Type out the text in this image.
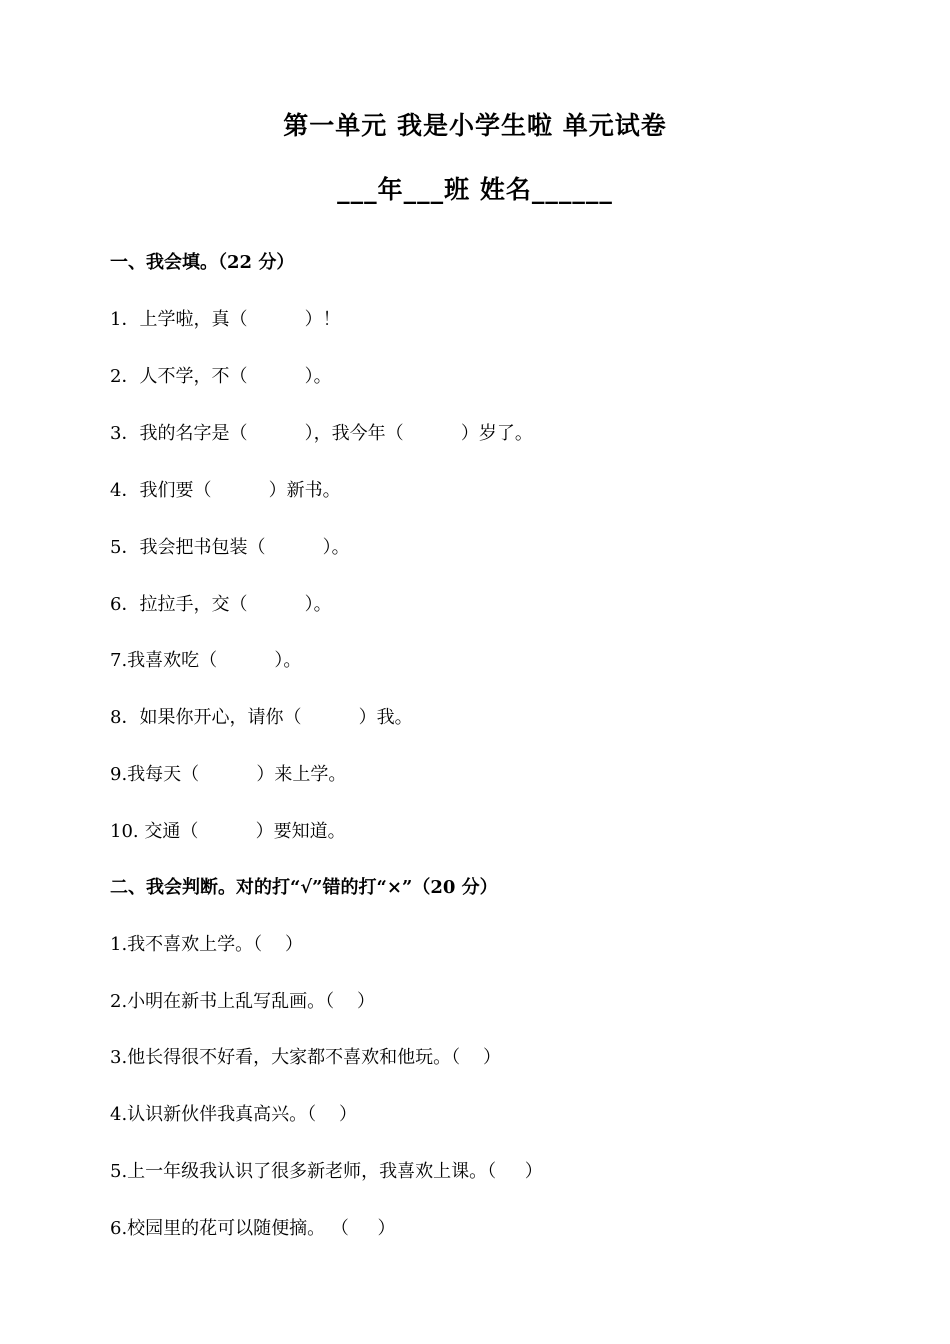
第一单元 我是小学生啦 单元试卷
___年___班 姓名______
一、我会填。（22 分）
1．上学啦，真（          ）！
2．人不学，不（          ）。
3．我的名字是（          ），我今年（          ）岁了。
4．我们要（          ）新书。
5．我会把书包装（          ）。
6．拉拉手，交（          ）。
7.我喜欢吃（          ）。
8．如果你开心，请你（          ）我。
9.我每天（          ）来上学。
10. 交通（          ）要知道。
二、我会判断。对的打“√”错的打“×”（20 分）
1.我不喜欢上学。（    ）
2.小明在新书上乱写乱画。（    ）
3.他长得很不好看，大家都不喜欢和他玩。（    ）
4.认识新伙伴我真高兴。（    ）
5.上一年级我认识了很多新老师，我喜欢上课。（     ）
6.校园里的花可以随便摘。 （     ）
